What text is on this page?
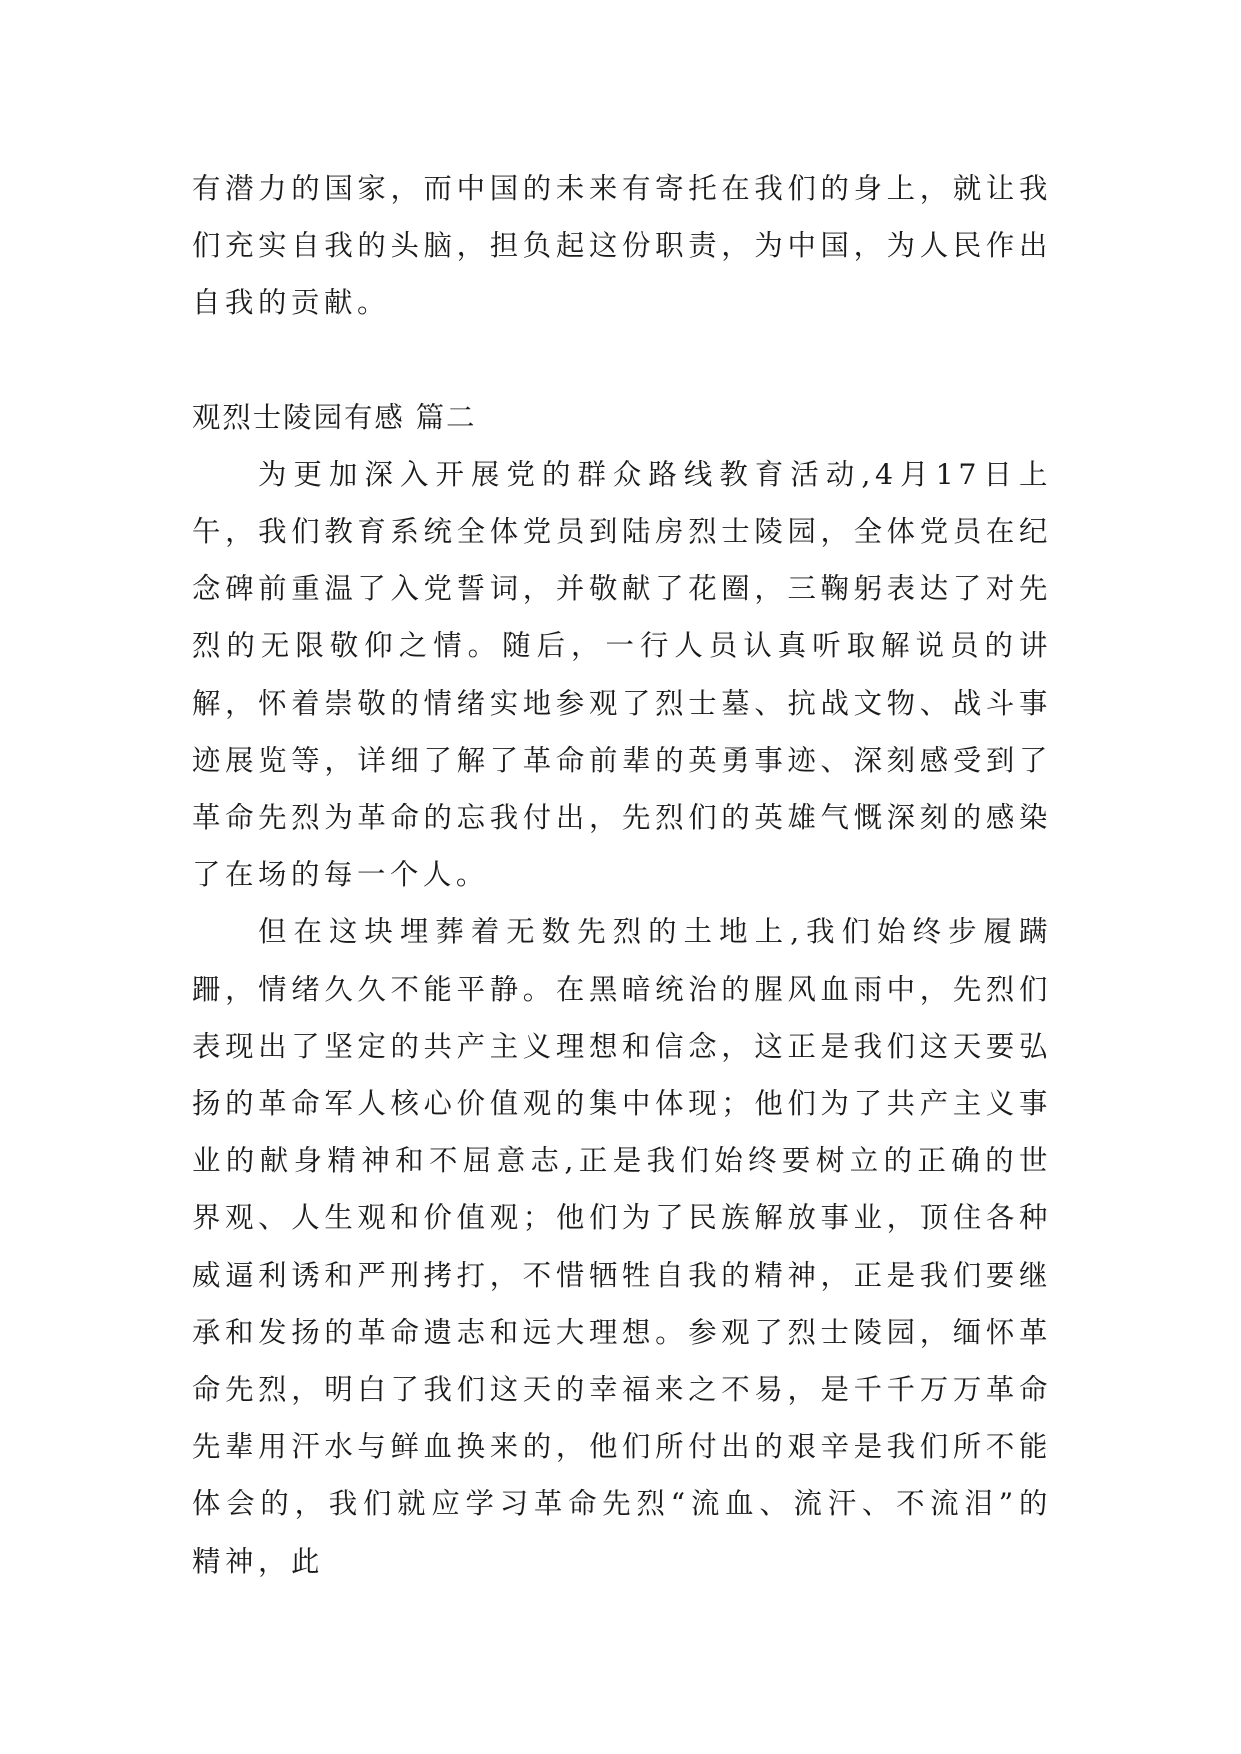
有潜力的国家，而中国的未来有寄托在我们的身上，就让我们充实自我的头脑，担负起这份职责，为中国，为人民作出自我的贡献。

观烈士陵园有感 篇二

为更加深入开展党的群众路线教育活动,4月17日上午，我们教育系统全体党员到陆房烈士陵园，全体党员在纪念碑前重温了入党誓词，并敬献了花圈，三鞠躬表达了对先烈的无限敬仰之情。随后，一行人员认真听取解说员的讲解，怀着崇敬的情绪实地参观了烈士墓、抗战文物、战斗事迹展览等，详细了解了革命前辈的英勇事迹、深刻感受到了革命先烈为革命的忘我付出，先烈们的英雄气慨深刻的感染了在场的每一个人。

但在这块埋葬着无数先烈的土地上,我们始终步履蹒跚，情绪久久不能平静。在黑暗统治的腥风血雨中，先烈们表现出了坚定的共产主义理想和信念，这正是我们这天要弘扬的革命军人核心价值观的集中体现；他们为了共产主义事业的献身精神和不屈意志,正是我们始终要树立的正确的世界观、人生观和价值观；他们为了民族解放事业，顶住各种威逼利诱和严刑拷打，不惜牺牲自我的精神，正是我们要继承和发扬的革命遗志和远大理想。参观了烈士陵园，缅怀革命先烈，明白了我们这天的幸福来之不易，是千千万万革命先辈用汗水与鲜血换来的，他们所付出的艰辛是我们所不能体会的，我们就应学习革命先烈“流血、流汗、不流泪”的精神，此
